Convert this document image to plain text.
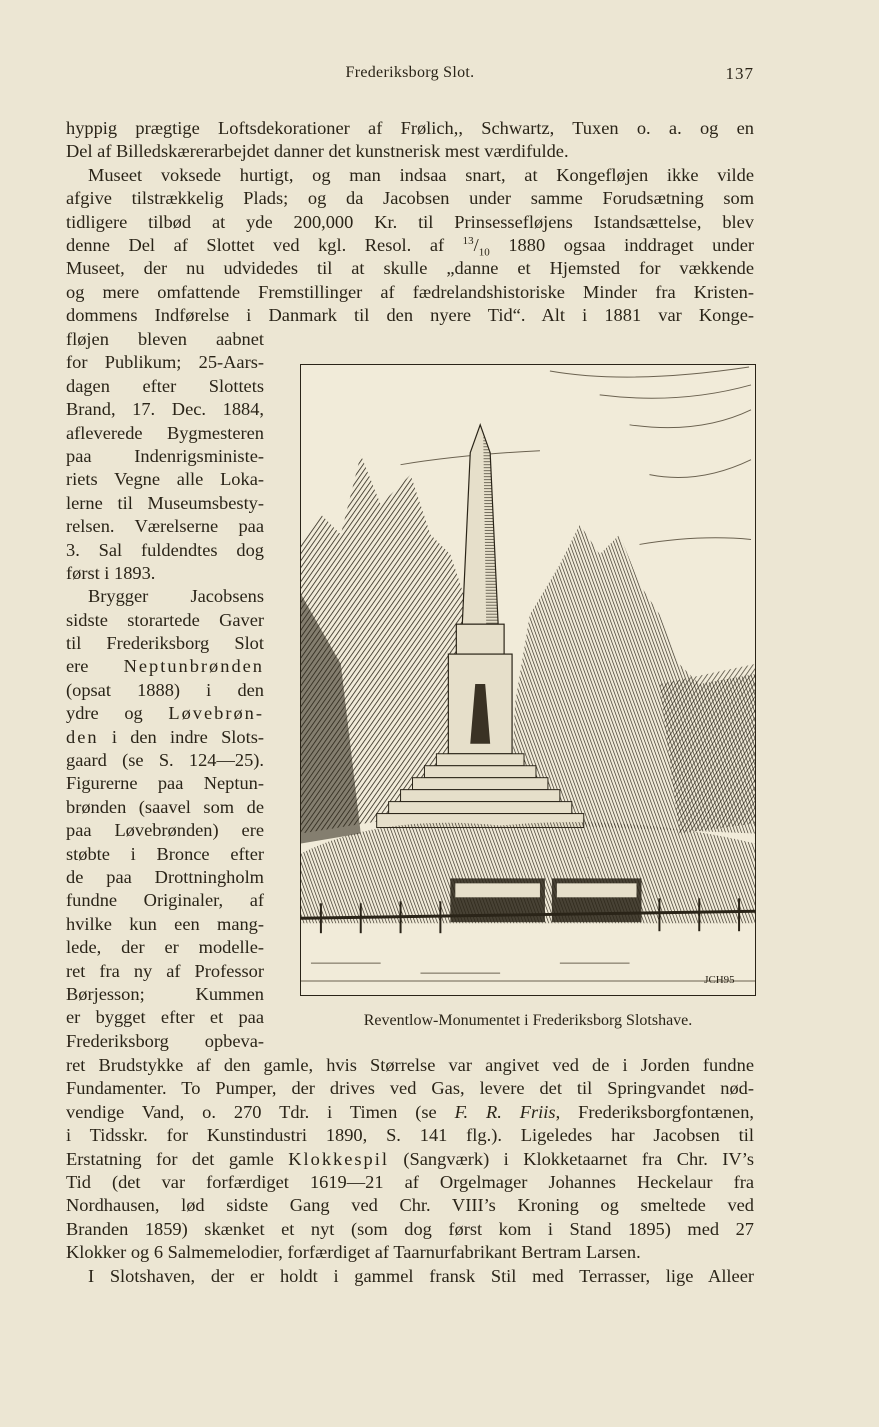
Frederiksborg Slot.	137
hyppig prægtige Loftsdekorationer af Frølich,, Schwartz, Tuxen o. a. og en
Del af Billedskærerarbejdet danner det kunstnerisk mest værdifulde.
Museet voksede hurtigt, og man indsaa snart, at Kongefløjen ikke vilde
afgive tilstrækkelig Plads; og da Jacobsen under samme Forudsætning som
tidligere tilbød at yde 200,000 Kr. til Prinsessefløjens Istandsættelse, blev
denne Del af Slottet ved kgl. Resol. af $^{13}/_{10}$ 1880 ogsaa inddraget under
Museet, der nu udvidedes til at skulle „danne et Hjemsted for vækkende
og mere omfattende Fremstillinger af fædrelandshistoriske Minder fra Kristen-
dommens Indførelse i Danmark til den nyere Tid“. Alt i 1881 var Konge-
fløjen bleven aabnet
for Publikum; 25-Aars-
dagen efter Slottets
Brand, 17. Dec. 1884,
afleverede Bygmesteren
paa Indenrigsministe-
riets Vegne alle Loka-
lerne til Museumsbesty-
relsen. Værelserne paa
3. Sal fuldendtes dog
først i 1893.
Brygger Jacobsens
sidste storartede Gaver
til Frederiksborg Slot
ere Neptunbrønden
(opsat 1888) i den
ydre og Løvebrøn-
den i den indre Slots-
gaard (se S. 124—25).
Figurerne paa Neptun-
brønden (saavel som de
paa Løvebrønden) ere
støbte i Bronce efter
de paa Drottningholm
fundne Originaler, af
hvilke kun een mang-
lede, der er modelle-
ret fra ny af Professor
Børjesson; Kummen
er bygget efter et paa
Frederiksborg opbeva-
JCH95
Reventlow-Monumentet i Frederiksborg Slotshave.
ret Brudstykke af den gamle, hvis Størrelse var angivet ved de i Jorden fundne
Fundamenter. To Pumper, der drives ved Gas, levere det til Springvandet nød-
vendige Vand, o. 270 Tdr. i Timen (se F. R. Friis, Frederiksborgfontænen,
i Tidsskr. for Kunstindustri 1890, S. 141 flg.). Ligeledes har Jacobsen til
Erstatning for det gamle Klokkespil (Sangværk) i Klokketaarnet fra Chr. IV’s
Tid (det var forfærdiget 1619—21 af Orgelmager Johannes Heckelaur fra
Nordhausen, lød sidste Gang ved Chr. VIII’s Kroning og smeltede ved
Branden 1859) skænket et nyt (som dog først kom i Stand 1895) med 27
Klokker og 6 Salmemelodier, forfærdiget af Taarnurfabrikant Bertram Larsen.
I Slotshaven, der er holdt i gammel fransk Stil med Terrasser, lige Alleer
